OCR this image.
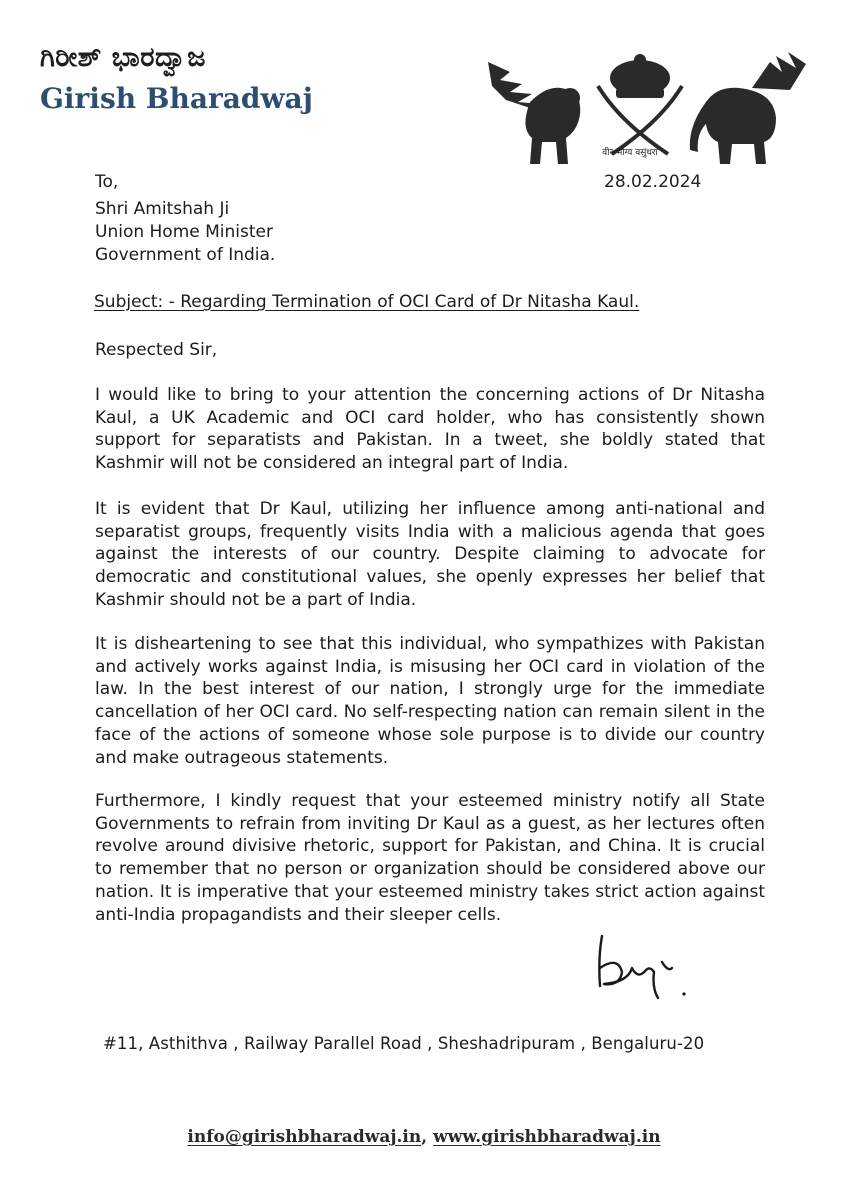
ಗಿರೀಶ್ ಭಾರದ್ವಾಜ
Girish Bharadwaj
वीर भोग्य वसुंधरा
To,	28.02.2024
Shri Amitshah Ji
Union Home Minister
Government of India.
Subject: - Regarding Termination of OCI Card of Dr Nitasha Kaul.
Respected Sir,
I would like to bring to your attention the concerning actions of Dr Nitasha Kaul, a UK Academic and OCI card holder, who has consistently shown support for separatists and Pakistan. In a tweet, she boldly stated that Kashmir will not be considered an integral part of India.
It is evident that Dr Kaul, utilizing her influence among anti-national and separatist groups, frequently visits India with a malicious agenda that goes against the interests of our country. Despite claiming to advocate for democratic and constitutional values, she openly expresses her belief that Kashmir should not be a part of India.
It is disheartening to see that this individual, who sympathizes with Pakistan and actively works against India, is misusing her OCI card in violation of the law. In the best interest of our nation, I strongly urge for the immediate cancellation of her OCI card. No self-respecting nation can remain silent in the face of the actions of someone whose sole purpose is to divide our country and make outrageous statements.
Furthermore, I kindly request that your esteemed ministry notify all State Governments to refrain from inviting Dr Kaul as a guest, as her lectures often revolve around divisive rhetoric, support for Pakistan, and China. It is crucial to remember that no person or organization should be considered above our nation. It is imperative that your esteemed ministry takes strict action against anti-India propagandists and their sleeper cells.
#11, Asthithva , Railway Parallel Road , Sheshadripuram , Bengaluru-20
info@girishbharadwaj.in, www.girishbharadwaj.in
